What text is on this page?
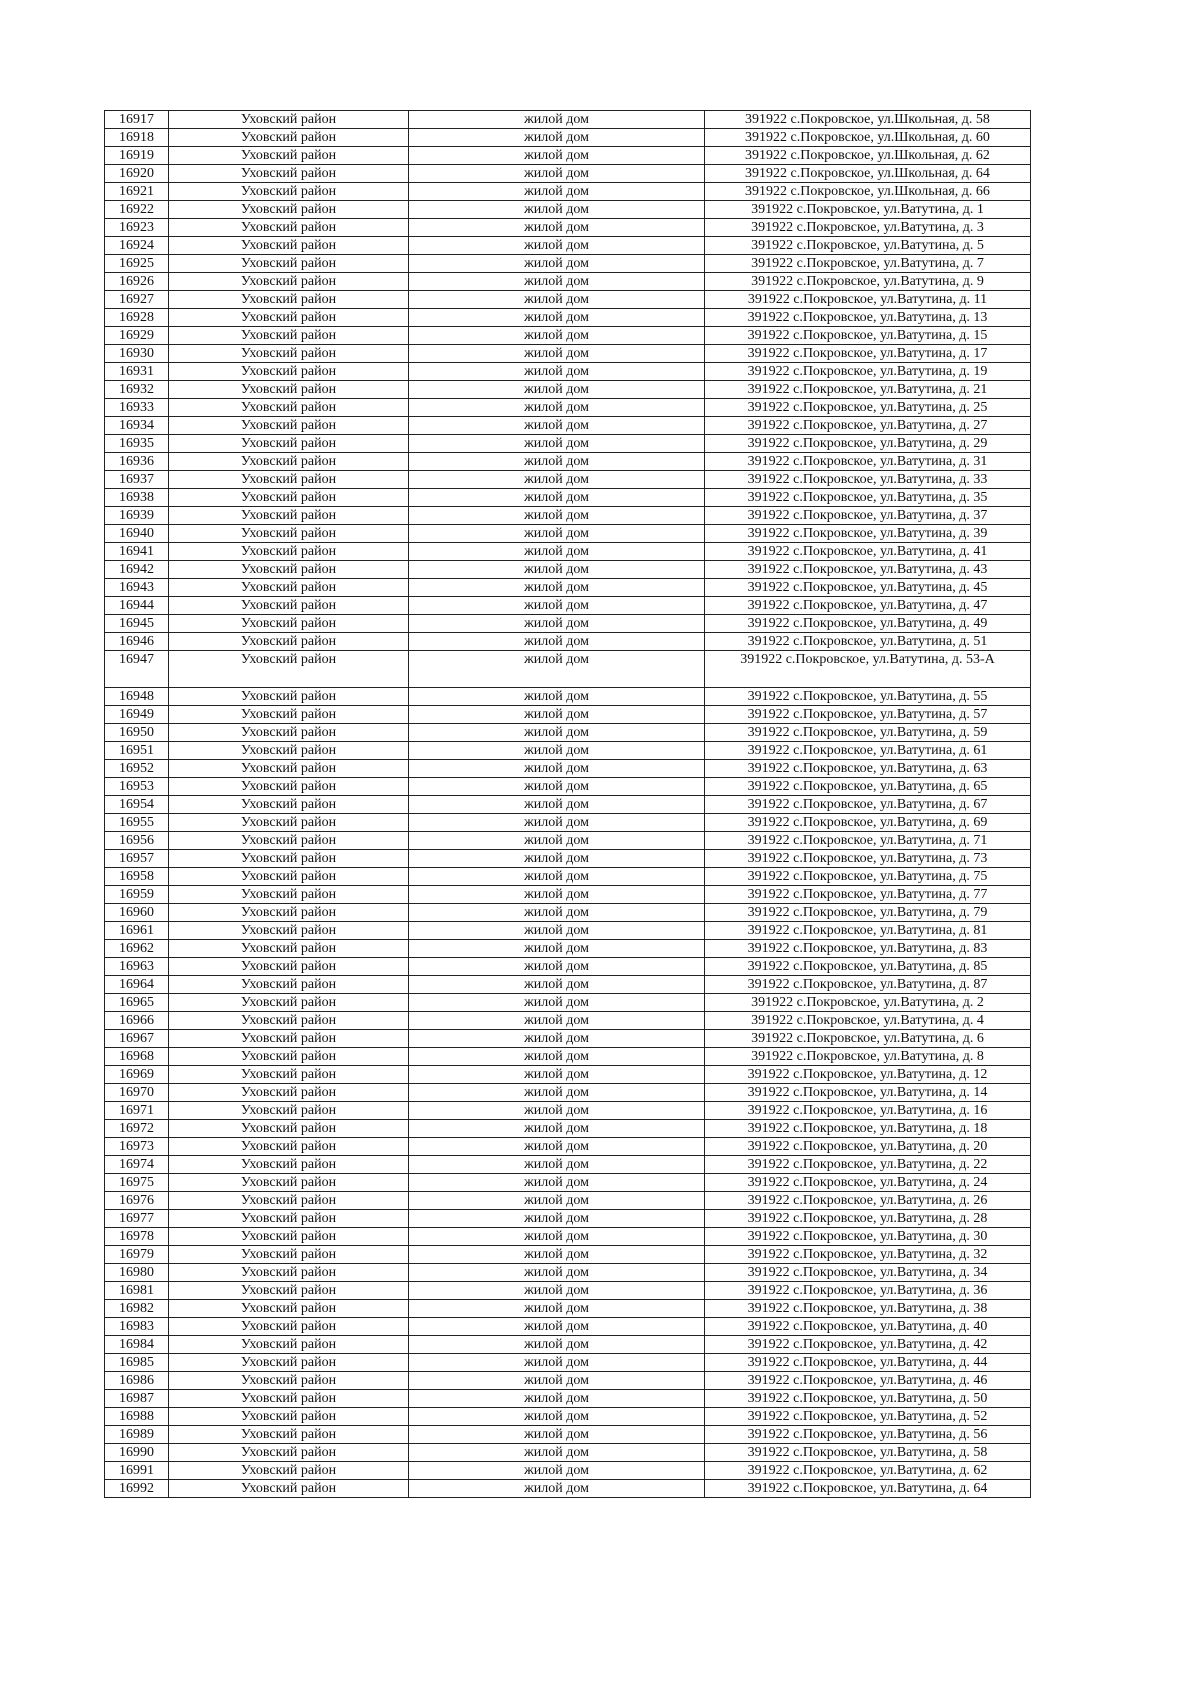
16917	Уховский район	жилой дом	391922 с.Покровское, ул.Школьная, д. 58
16918	Уховский район	жилой дом	391922 с.Покровское, ул.Школьная, д. 60
16919	Уховский район	жилой дом	391922 с.Покровское, ул.Школьная, д. 62
16920	Уховский район	жилой дом	391922 с.Покровское, ул.Школьная, д. 64
16921	Уховский район	жилой дом	391922 с.Покровское, ул.Школьная, д. 66
16922	Уховский район	жилой дом	391922 с.Покровское, ул.Ватутина, д. 1
16923	Уховский район	жилой дом	391922 с.Покровское, ул.Ватутина, д. 3
16924	Уховский район	жилой дом	391922 с.Покровское, ул.Ватутина, д. 5
16925	Уховский район	жилой дом	391922 с.Покровское, ул.Ватутина, д. 7
16926	Уховский район	жилой дом	391922 с.Покровское, ул.Ватутина, д. 9
16927	Уховский район	жилой дом	391922 с.Покровское, ул.Ватутина, д. 11
16928	Уховский район	жилой дом	391922 с.Покровское, ул.Ватутина, д. 13
16929	Уховский район	жилой дом	391922 с.Покровское, ул.Ватутина, д. 15
16930	Уховский район	жилой дом	391922 с.Покровское, ул.Ватутина, д. 17
16931	Уховский район	жилой дом	391922 с.Покровское, ул.Ватутина, д. 19
16932	Уховский район	жилой дом	391922 с.Покровское, ул.Ватутина, д. 21
16933	Уховский район	жилой дом	391922 с.Покровское, ул.Ватутина, д. 25
16934	Уховский район	жилой дом	391922 с.Покровское, ул.Ватутина, д. 27
16935	Уховский район	жилой дом	391922 с.Покровское, ул.Ватутина, д. 29
16936	Уховский район	жилой дом	391922 с.Покровское, ул.Ватутина, д. 31
16937	Уховский район	жилой дом	391922 с.Покровское, ул.Ватутина, д. 33
16938	Уховский район	жилой дом	391922 с.Покровское, ул.Ватутина, д. 35
16939	Уховский район	жилой дом	391922 с.Покровское, ул.Ватутина, д. 37
16940	Уховский район	жилой дом	391922 с.Покровское, ул.Ватутина, д. 39
16941	Уховский район	жилой дом	391922 с.Покровское, ул.Ватутина, д. 41
16942	Уховский район	жилой дом	391922 с.Покровское, ул.Ватутина, д. 43
16943	Уховский район	жилой дом	391922 с.Покровское, ул.Ватутина, д. 45
16944	Уховский район	жилой дом	391922 с.Покровское, ул.Ватутина, д. 47
16945	Уховский район	жилой дом	391922 с.Покровское, ул.Ватутина, д. 49
16946	Уховский район	жилой дом	391922 с.Покровское, ул.Ватутина, д. 51
16947	Уховский район	жилой дом	391922 с.Покровское, ул.Ватутина, д. 53-А
16948	Уховский район	жилой дом	391922 с.Покровское, ул.Ватутина, д. 55
16949	Уховский район	жилой дом	391922 с.Покровское, ул.Ватутина, д. 57
16950	Уховский район	жилой дом	391922 с.Покровское, ул.Ватутина, д. 59
16951	Уховский район	жилой дом	391922 с.Покровское, ул.Ватутина, д. 61
16952	Уховский район	жилой дом	391922 с.Покровское, ул.Ватутина, д. 63
16953	Уховский район	жилой дом	391922 с.Покровское, ул.Ватутина, д. 65
16954	Уховский район	жилой дом	391922 с.Покровское, ул.Ватутина, д. 67
16955	Уховский район	жилой дом	391922 с.Покровское, ул.Ватутина, д. 69
16956	Уховский район	жилой дом	391922 с.Покровское, ул.Ватутина, д. 71
16957	Уховский район	жилой дом	391922 с.Покровское, ул.Ватутина, д. 73
16958	Уховский район	жилой дом	391922 с.Покровское, ул.Ватутина, д. 75
16959	Уховский район	жилой дом	391922 с.Покровское, ул.Ватутина, д. 77
16960	Уховский район	жилой дом	391922 с.Покровское, ул.Ватутина, д. 79
16961	Уховский район	жилой дом	391922 с.Покровское, ул.Ватутина, д. 81
16962	Уховский район	жилой дом	391922 с.Покровское, ул.Ватутина, д. 83
16963	Уховский район	жилой дом	391922 с.Покровское, ул.Ватутина, д. 85
16964	Уховский район	жилой дом	391922 с.Покровское, ул.Ватутина, д. 87
16965	Уховский район	жилой дом	391922 с.Покровское, ул.Ватутина, д. 2
16966	Уховский район	жилой дом	391922 с.Покровское, ул.Ватутина, д. 4
16967	Уховский район	жилой дом	391922 с.Покровское, ул.Ватутина, д. 6
16968	Уховский район	жилой дом	391922 с.Покровское, ул.Ватутина, д. 8
16969	Уховский район	жилой дом	391922 с.Покровское, ул.Ватутина, д. 12
16970	Уховский район	жилой дом	391922 с.Покровское, ул.Ватутина, д. 14
16971	Уховский район	жилой дом	391922 с.Покровское, ул.Ватутина, д. 16
16972	Уховский район	жилой дом	391922 с.Покровское, ул.Ватутина, д. 18
16973	Уховский район	жилой дом	391922 с.Покровское, ул.Ватутина, д. 20
16974	Уховский район	жилой дом	391922 с.Покровское, ул.Ватутина, д. 22
16975	Уховский район	жилой дом	391922 с.Покровское, ул.Ватутина, д. 24
16976	Уховский район	жилой дом	391922 с.Покровское, ул.Ватутина, д. 26
16977	Уховский район	жилой дом	391922 с.Покровское, ул.Ватутина, д. 28
16978	Уховский район	жилой дом	391922 с.Покровское, ул.Ватутина, д. 30
16979	Уховский район	жилой дом	391922 с.Покровское, ул.Ватутина, д. 32
16980	Уховский район	жилой дом	391922 с.Покровское, ул.Ватутина, д. 34
16981	Уховский район	жилой дом	391922 с.Покровское, ул.Ватутина, д. 36
16982	Уховский район	жилой дом	391922 с.Покровское, ул.Ватутина, д. 38
16983	Уховский район	жилой дом	391922 с.Покровское, ул.Ватутина, д. 40
16984	Уховский район	жилой дом	391922 с.Покровское, ул.Ватутина, д. 42
16985	Уховский район	жилой дом	391922 с.Покровское, ул.Ватутина, д. 44
16986	Уховский район	жилой дом	391922 с.Покровское, ул.Ватутина, д. 46
16987	Уховский район	жилой дом	391922 с.Покровское, ул.Ватутина, д. 50
16988	Уховский район	жилой дом	391922 с.Покровское, ул.Ватутина, д. 52
16989	Уховский район	жилой дом	391922 с.Покровское, ул.Ватутина, д. 56
16990	Уховский район	жилой дом	391922 с.Покровское, ул.Ватутина, д. 58
16991	Уховский район	жилой дом	391922 с.Покровское, ул.Ватутина, д. 62
16992	Уховский район	жилой дом	391922 с.Покровское, ул.Ватутина, д. 64
